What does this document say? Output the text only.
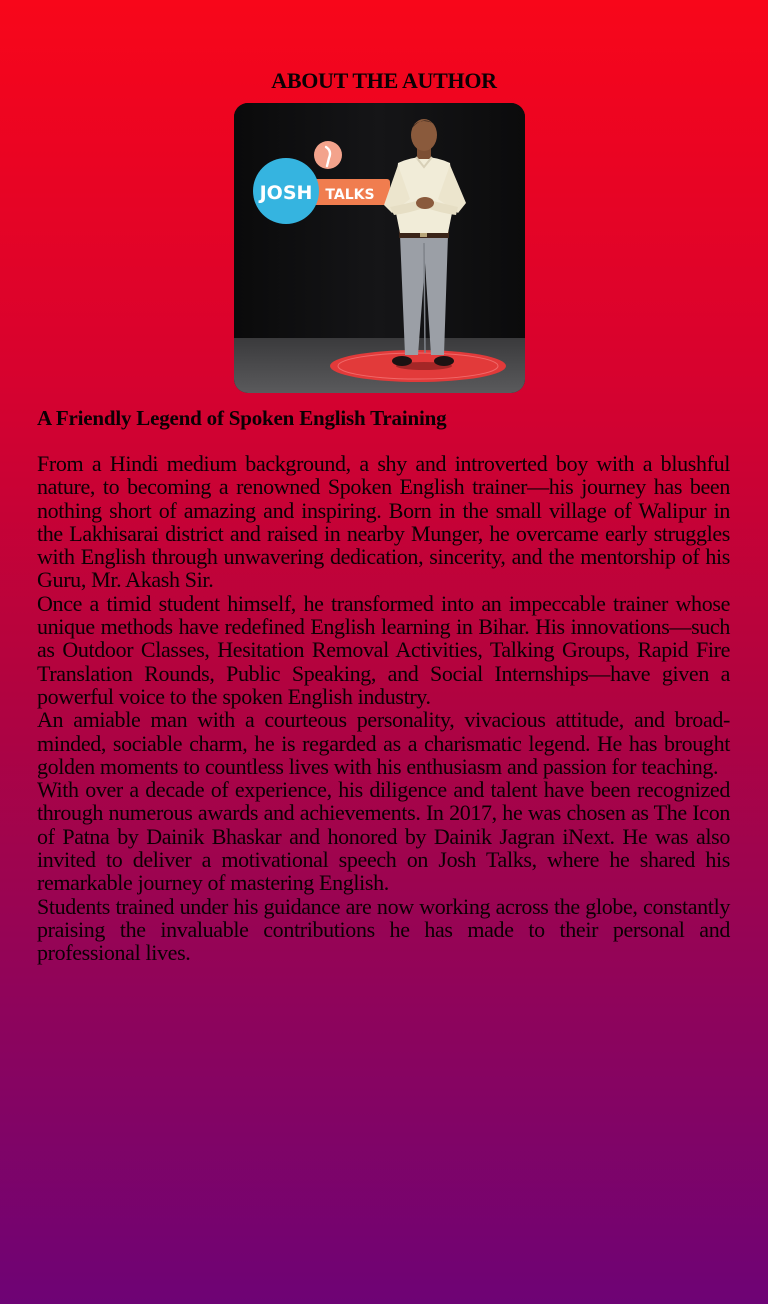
ABOUT THE AUTHOR
JOSH TALKS
A Friendly Legend of Spoken English Training

From a Hindi medium background, a shy and introverted boy with a blushful nature, to becoming a renowned Spoken English trainer—his journey has been nothing short of amazing and inspiring. Born in the small village of Walipur in the Lakhisarai district and raised in nearby Munger, he overcame early struggles with English through unwavering dedication, sincerity, and the mentorship of his Guru, Mr. Akash Sir.

Once a timid student himself, he transformed into an impeccable trainer whose unique methods have redefined English learning in Bihar. His innovations—such as Outdoor Classes, Hesitation Removal Activities, Talking Groups, Rapid Fire Translation Rounds, Public Speaking, and Social Internships—have given a powerful voice to the spoken English industry.

An amiable man with a courteous personality, vivacious attitude, and broad-minded, sociable charm, he is regarded as a charismatic legend. He has brought golden moments to countless lives with his enthusiasm and passion for teaching.

With over a decade of experience, his diligence and talent have been recognized through numerous awards and achievements. In 2017, he was chosen as The Icon of Patna by Dainik Bhaskar and honored by Dainik Jagran iNext. He was also invited to deliver a motivational speech on Josh Talks, where he shared his remarkable journey of mastering English.

Students trained under his guidance are now working across the globe, constantly praising the invaluable contributions he has made to their personal and professional lives.
